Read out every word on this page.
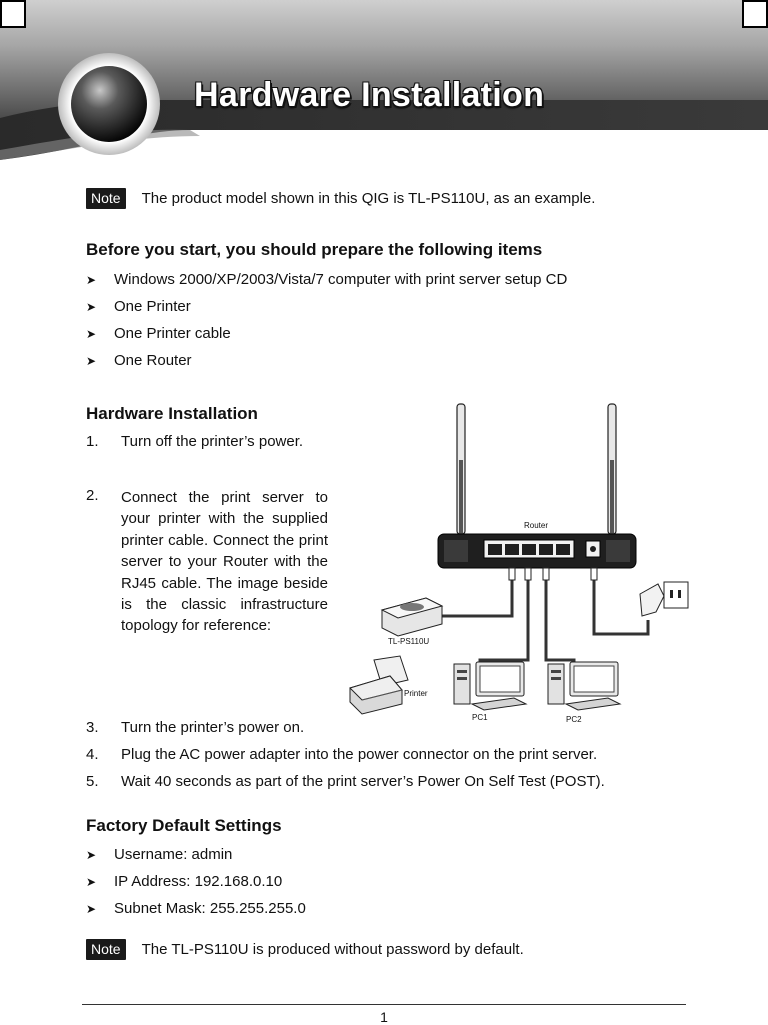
Hardware Installation
Note	The product model shown in this QIG is TL-PS110U, as an example.
Before you start, you should prepare the following items
➤	Windows 2000/XP/2003/Vista/7 computer with print server setup CD
➤	One Printer
➤	One Printer cable
➤	One Router
Hardware Installation
1.	Turn off the printer’s power.
2.	Connect the print server to your printer with the supplied printer cable. Connect the print server to your Router with the RJ45 cable. The image beside is the classic infrastructure topology for reference:
3.	Turn the printer’s power on.
4.	Plug the AC power adapter into the power connector on the print server.
5.	Wait 40 seconds as part of the print server’s Power On Self Test (POST).
Router
TL-PS110U
Printer
PC1	PC2
Factory Default Settings
➤	Username: admin
➤	IP Address: 192.168.0.10
➤	Subnet Mask: 255.255.255.0
Note	The TL-PS110U is produced without password by default.
1
